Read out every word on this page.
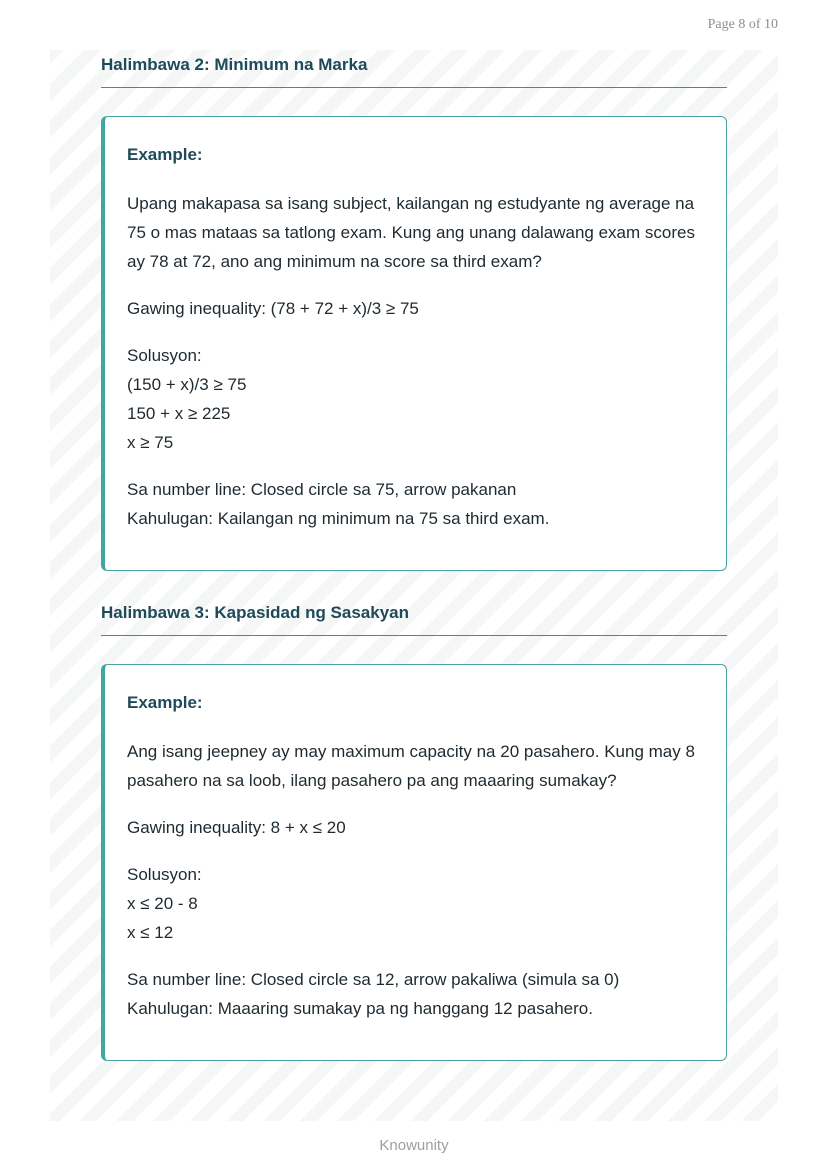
Page 8 of 10
Halimbawa 2: Minimum na Marka
Example:
Upang makapasa sa isang subject, kailangan ng estudyante ng average na
75 o mas mataas sa tatlong exam. Kung ang unang dalawang exam scores
ay 78 at 72, ano ang minimum na score sa third exam?
Gawing inequality: (78 + 72 + x)/3 ≥ 75
Solusyon:
(150 + x)/3 ≥ 75
150 + x ≥ 225
x ≥ 75
Sa number line: Closed circle sa 75, arrow pakanan
Kahulugan: Kailangan ng minimum na 75 sa third exam.
Halimbawa 3: Kapasidad ng Sasakyan
Example:
Ang isang jeepney ay may maximum capacity na 20 pasahero. Kung may 8
pasahero na sa loob, ilang pasahero pa ang maaaring sumakay?
Gawing inequality: 8 + x ≤ 20
Solusyon:
x ≤ 20 - 8
x ≤ 12
Sa number line: Closed circle sa 12, arrow pakaliwa (simula sa 0)
Kahulugan: Maaaring sumakay pa ng hanggang 12 pasahero.
Knowunity
